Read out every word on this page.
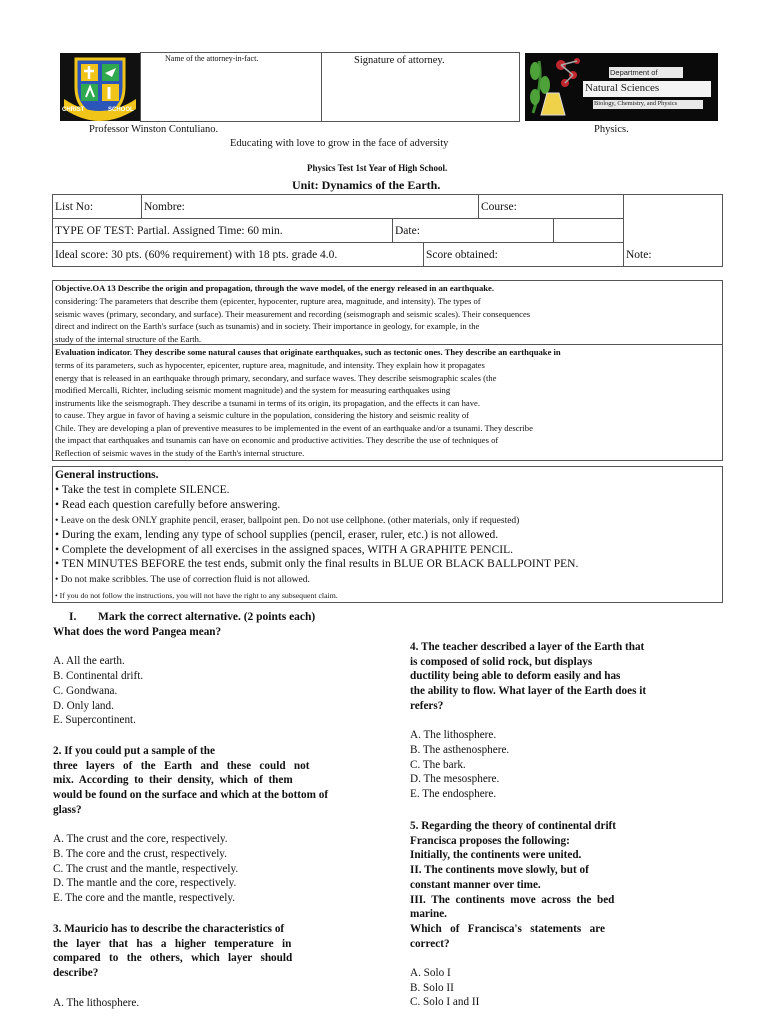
CHRIST	SCHOOL
Name of the attorney-in-fact.	Signature of attorney.
Department of
Natural Sciences
Biology, Chemistry, and Physics
Professor Winston Contuliano.	Physics.
Educating with love to grow in the face of adversity
Physics Test 1st Year of High School.
Unit: Dynamics of the Earth.
List No:	Nombre:	Course:
TYPE OF TEST: Partial. Assigned Time: 60 min.	Date:
Ideal score: 30 pts. (60% requirement) with 18 pts. grade 4.0.	Score obtained:	Note:
Objective.OA 13 Describe the origin and propagation, through the wave model, of the energy released in an earthquake.
considering: The parameters that describe them (epicenter, hypocenter, rupture area, magnitude, and intensity). The types of
seismic waves (primary, secondary, and surface). Their measurement and recording (seismograph and seismic scales). Their consequences
direct and indirect on the Earth's surface (such as tsunamis) and in society. Their importance in geology, for example, in the
study of the internal structure of the Earth.
Evaluation indicator. They describe some natural causes that originate earthquakes, such as tectonic ones. They describe an earthquake in
terms of its parameters, such as hypocenter, epicenter, rupture area, magnitude, and intensity. They explain how it propagates
energy that is released in an earthquake through primary, secondary, and surface waves. They describe seismographic scales (the
modified Mercalli, Richter, including seismic moment magnitude) and the system for measuring earthquakes using
instruments like the seismograph. They describe a tsunami in terms of its origin, its propagation, and the effects it can have.
to cause. They argue in favor of having a seismic culture in the population, considering the history and seismic reality of
Chile. They are developing a plan of preventive measures to be implemented in the event of an earthquake and/or a tsunami. They describe
the impact that earthquakes and tsunamis can have on economic and productive activities. They describe the use of techniques of
Reflection of seismic waves in the study of the Earth's internal structure.
General instructions.
• Take the test in complete SILENCE.
• Read each question carefully before answering.
• Leave on the desk ONLY graphite pencil, eraser, ballpoint pen. Do not use cellphone. (other materials, only if requested)
• During the exam, lending any type of school supplies (pencil, eraser, ruler, etc.) is not allowed.
• Complete the development of all exercises in the assigned spaces, WITH A GRAPHITE PENCIL.
• TEN MINUTES BEFORE the test ends, submit only the final results in BLUE OR BLACK BALLPOINT PEN.
• Do not make scribbles. The use of correction fluid is not allowed.
• If you do not follow the instructions, you will not have the right to any subsequent claim.
I. Mark the correct alternative. (2 points each)
What does the word Pangea mean?
A. All the earth.
B. Continental drift.
C. Gondwana.
D. Only land.
E. Supercontinent.
2. If you could put a sample of the
three   layers   of   the   Earth   and   these   could   not
mix.  According  to  their  density,  which  of  them
would be found on the surface and which at the bottom of
glass?
A. The crust and the core, respectively.
B. The core and the crust, respectively.
C. The crust and the mantle, respectively.
D. The mantle and the core, respectively.
E. The core and the mantle, respectively.
3. Mauricio has to describe the characteristics of
the   layer   that   has   a   higher   temperature   in
compared   to   the   others,   which   layer   should
describe?
A. The lithosphere.
4. The teacher described a layer of the Earth that
is composed of solid rock, but displays
ductility being able to deform easily and has
the ability to flow. What layer of the Earth does it
refers?
A. The lithosphere.
B. The asthenosphere.
C. The bark.
D. The mesosphere.
E. The endosphere.
5. Regarding the theory of continental drift
Francisca proposes the following:
Initially, the continents were united.
II. The continents move slowly, but of
constant manner over time.
III.  The  continents  move  across  the  bed
marine.
Which   of   Francisca's   statements   are
correct?
A. Solo I
B. Solo II
C. Solo I and II
